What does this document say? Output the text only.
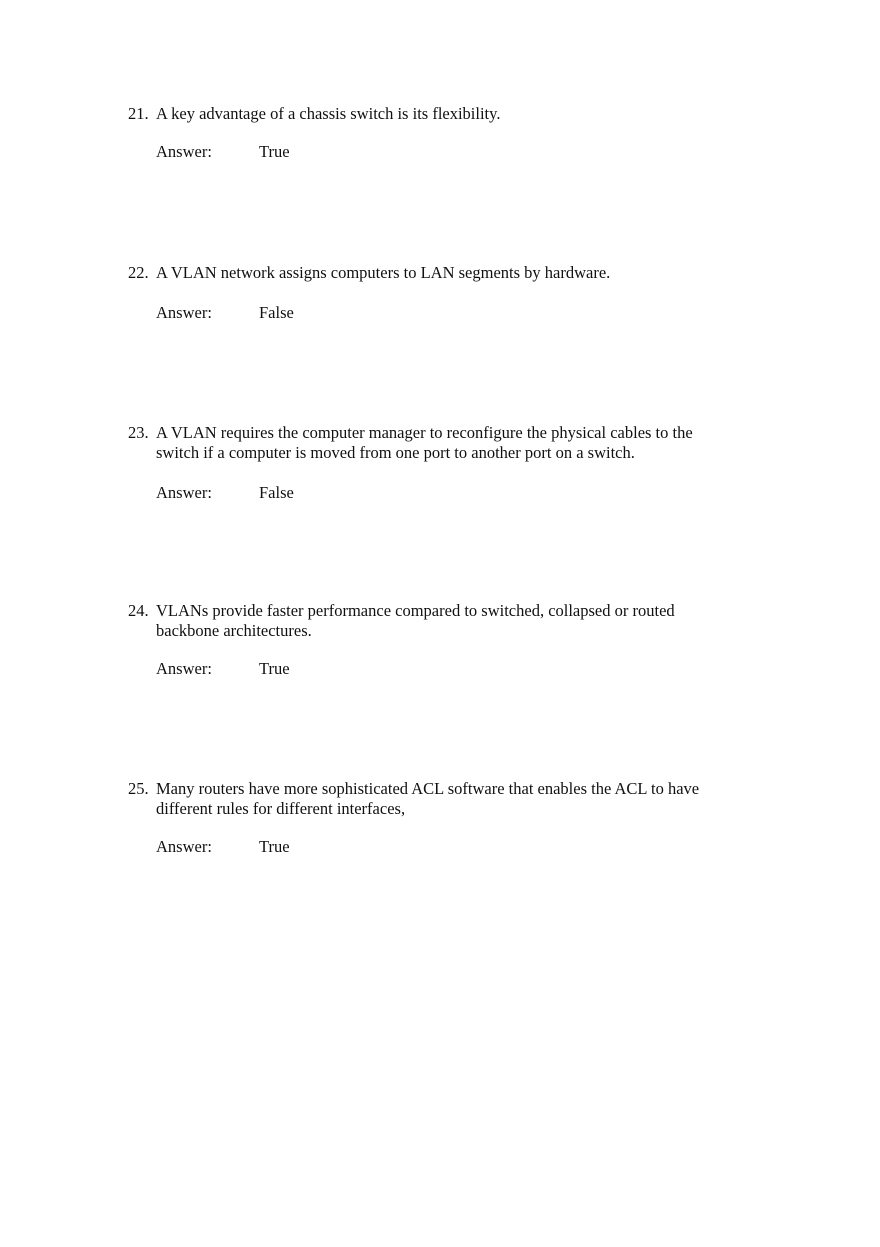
21. A key advantage of a chassis switch is its flexibility.
Answer:	True
22. A VLAN network assigns computers to LAN segments by hardware.
Answer:	False
23. A VLAN requires the computer manager to reconfigure the physical cables to the
switch if a computer is moved from one port to another port on a switch.
Answer:	False
24. VLANs provide faster performance compared to switched, collapsed or routed
backbone architectures.
Answer:	True
25. Many routers have more sophisticated ACL software that enables the ACL to have
different rules for different interfaces,
Answer:	True
